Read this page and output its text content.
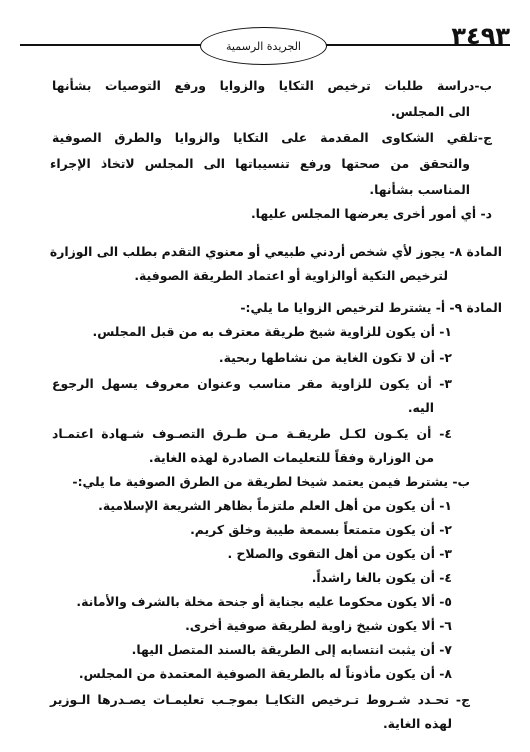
٣٤٩٣
الجريدة الرسمية
ب-دراسة طلبات ترخيص التكايا والزوايا ورفع التوصيات بشأنها
الى المجلس.
ج-تلقي الشكاوى المقدمة على التكايا والزوايا والطرق الصوفية
والتحقق من صحتها ورفع تنسيباتها الى المجلس لاتخاذ الإجراء
المناسب بشأنها.
د- أي أمور أخرى يعرضها المجلس عليها.
المادة ٨- يجوز لأي شخص أردني طبيعي أو معنوي التقدم بطلب الى الوزارة
لترخيص التكية أوالزاوية أو اعتماد الطريقة الصوفية.
المادة ٩- أ- يشترط لترخيص الزوايا ما يلي:-
١- أن يكون للزاوية شيخ طريقة معترف به من قبل المجلس.
٢- أن لا تكون الغاية من نشاطها ربحية.
٣- أن يكون للزاوية مقر مناسب وعنوان معروف يسهل الرجوع
اليه.
٤- أن يكـون لكـل طريقـة مـن طـرق التصـوف شـهادة اعتمـاد
من الوزارة وفقاً للتعليمات الصادرة لهذه الغاية.
ب- يشترط فيمن يعتمد شيخا لطريقة من الطرق الصوفية ما يلي:-
١- أن يكون من أهل العلم ملتزماً بظاهر الشريعة الإسلامية.
٢- أن يكون متمتعاً بسمعة طيبة وخلق كريم.
٣- أن يكون من أهل التقوى والصلاح .
٤- أن يكون بالغا راشداً.
٥- ألا يكون محكوما عليه بجناية أو جنحة مخلة بالشرف والأمانة.
٦- ألا يكون شيخ زاوية لطريقة صوفية أخرى.
٧- أن يثبت انتسابه إلى الطريقة بالسند المتصل اليها.
٨- أن يكون مأذوناً له بالطريقة الصوفية المعتمدة من المجلس.
ج- تحـدد شـروط تـرخيص التكايـا بموجـب تعليمـات يصـدرها الـوزير
لهذه الغاية.
